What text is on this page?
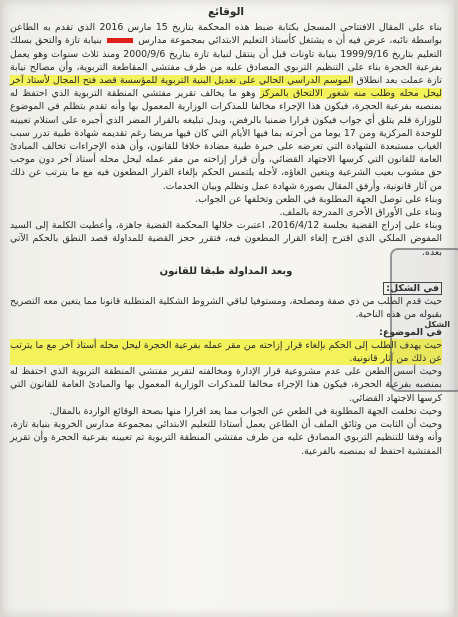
الوقائع

بناء على المقال الافتتاحي المسجل بكتابة ضبط هذه المحكمة بتاريخ 15 مارس 2016 الذي تقدم به الطاعن بواسطة نائبه، عرض فيه أن ه يشتغل كأستاذ التعليم الابتدائي بمجموعة مدارس  بنيابة تازة والتحق بسلك التعليم بتاريخ 1999/9/16 بنيابة تاونات قبل أن ينتقل لنيابة تازة بتاريخ 2000/9/6 ومنذ ثلاث سنوات وهو يعمل بفرعية الحجرة بناء على التنظيم التربوي المصادق عليه من طرف مفتشي المقاطعة التربوية، وأن مصالح نيابة تازة عملت بعد انطلاق الموسم الدراسي الحالي على تعديل البنية التربوية للمؤسسة قصد فتح المجال لأستاذ آخر ليحل محله وطلب منه شغور الالتحاق بالمركز وهو ما يخالف تقرير مفتشي المنطقة التربوية الذي احتفظ له بمنصبه بفرعية الحجرة، فيكون هذا الإجراء مخالفا للمذكرات الوزارية المعمول بها وأنه تقدم بتظلم في الموضوع للوزارة فلم يتلق أي جواب فيكون قرارا ضمنيا بالرفض، وبدل تبليغه بالقرار المضر الذي أجبره على استلام تعيينه للوحدة المركزية ومن 17 يوما من أجرته بما فيها الأيام التي كان فيها مريضا رغم تقديمه شهادة طبية تدرر سبب الغياب مستبعدة الشهادة التي تعرضه على خبرة طبية مضادة خلافا للقانون، وأن هذه الإجراءات تخالف المبادئ العامة للقانون التي كرسها الاجتهاد القضائي، وأن قرار إزاحته من مقر عمله ليحل محله أستاذ آخر دون موجب حق مشوب بعيب الشرعية ويتعين الغاؤه، لأجله يلتمس الحكم بإلغاء القرار المطعون فيه مع ما يترتب عن ذلك من آثار قانونية، وأرفق المقال بصورة شهادة عمل وتظلم وبيان الخدمات.

وبناء على توصل الجهة المطلوبة في الطعن وتخلفها عن الجواب.

وبناء على الأوراق الأخرى المدرجة بالملف.

وبناء على إدراج القضية بجلسة 2016/4/12، اعتبرت خلالها المحكمة القضية جاهزة، وأعطيت الكلمة إلى السيد المفوض الملكي الذي اقترح إلغاء القرار المطعون فيه، فتقرر حجز القضية للمداولة قصد النطق بالحكم الآتي بعده.

وبعد المداولة طبقا للقانون

في الشكل:

حيث قدم الطلب من ذي صفة ومصلحة، ومستوفيا لباقي الشروط الشكلية المتطلبة قانونا مما يتعين معه التصريح بقبوله من هذه الناحية.

في الموضوع:

حيث يهدف الطلب إلى الحكم بإلغاء قرار إزاحته من مقر عمله بفرعية الحجرة ليحل محله أستاذ آخر مع ما يترتب عن ذلك من آثار قانونية.

وحيث أسس الطعن على عدم مشروعية قرار الإدارة ومخالفته لتقرير مفتشي المنطقة التربوية الذي احتفظ له بمنصبه بفرعية الحجرة، فيكون هذا الإجراء مخالفا للمذكرات الوزارية المعمول بها والمبادئ العامة للقانون التي كرسها الاجتهاد القضائي.

وحيث تخلفت الجهة المطلوبة في الطعن عن الجواب مما يعد اقرارا منها بصحة الوقائع الواردة بالمقال.

وحيث أن الثابت من وثائق الملف أن الطاعن يعمل أستاذا للتعليم الابتدائي بمجموعة مدارس الخروبة بنيابة تازة، وأنه وفقا للتنظيم التربوي المصادق عليه من طرف مفتشي المنطقة التربوية تم تعيينه بفرعية الحجرة وأن تقرير المفتشية احتفظ له بمنصبه بالفرعية.

الشكل
